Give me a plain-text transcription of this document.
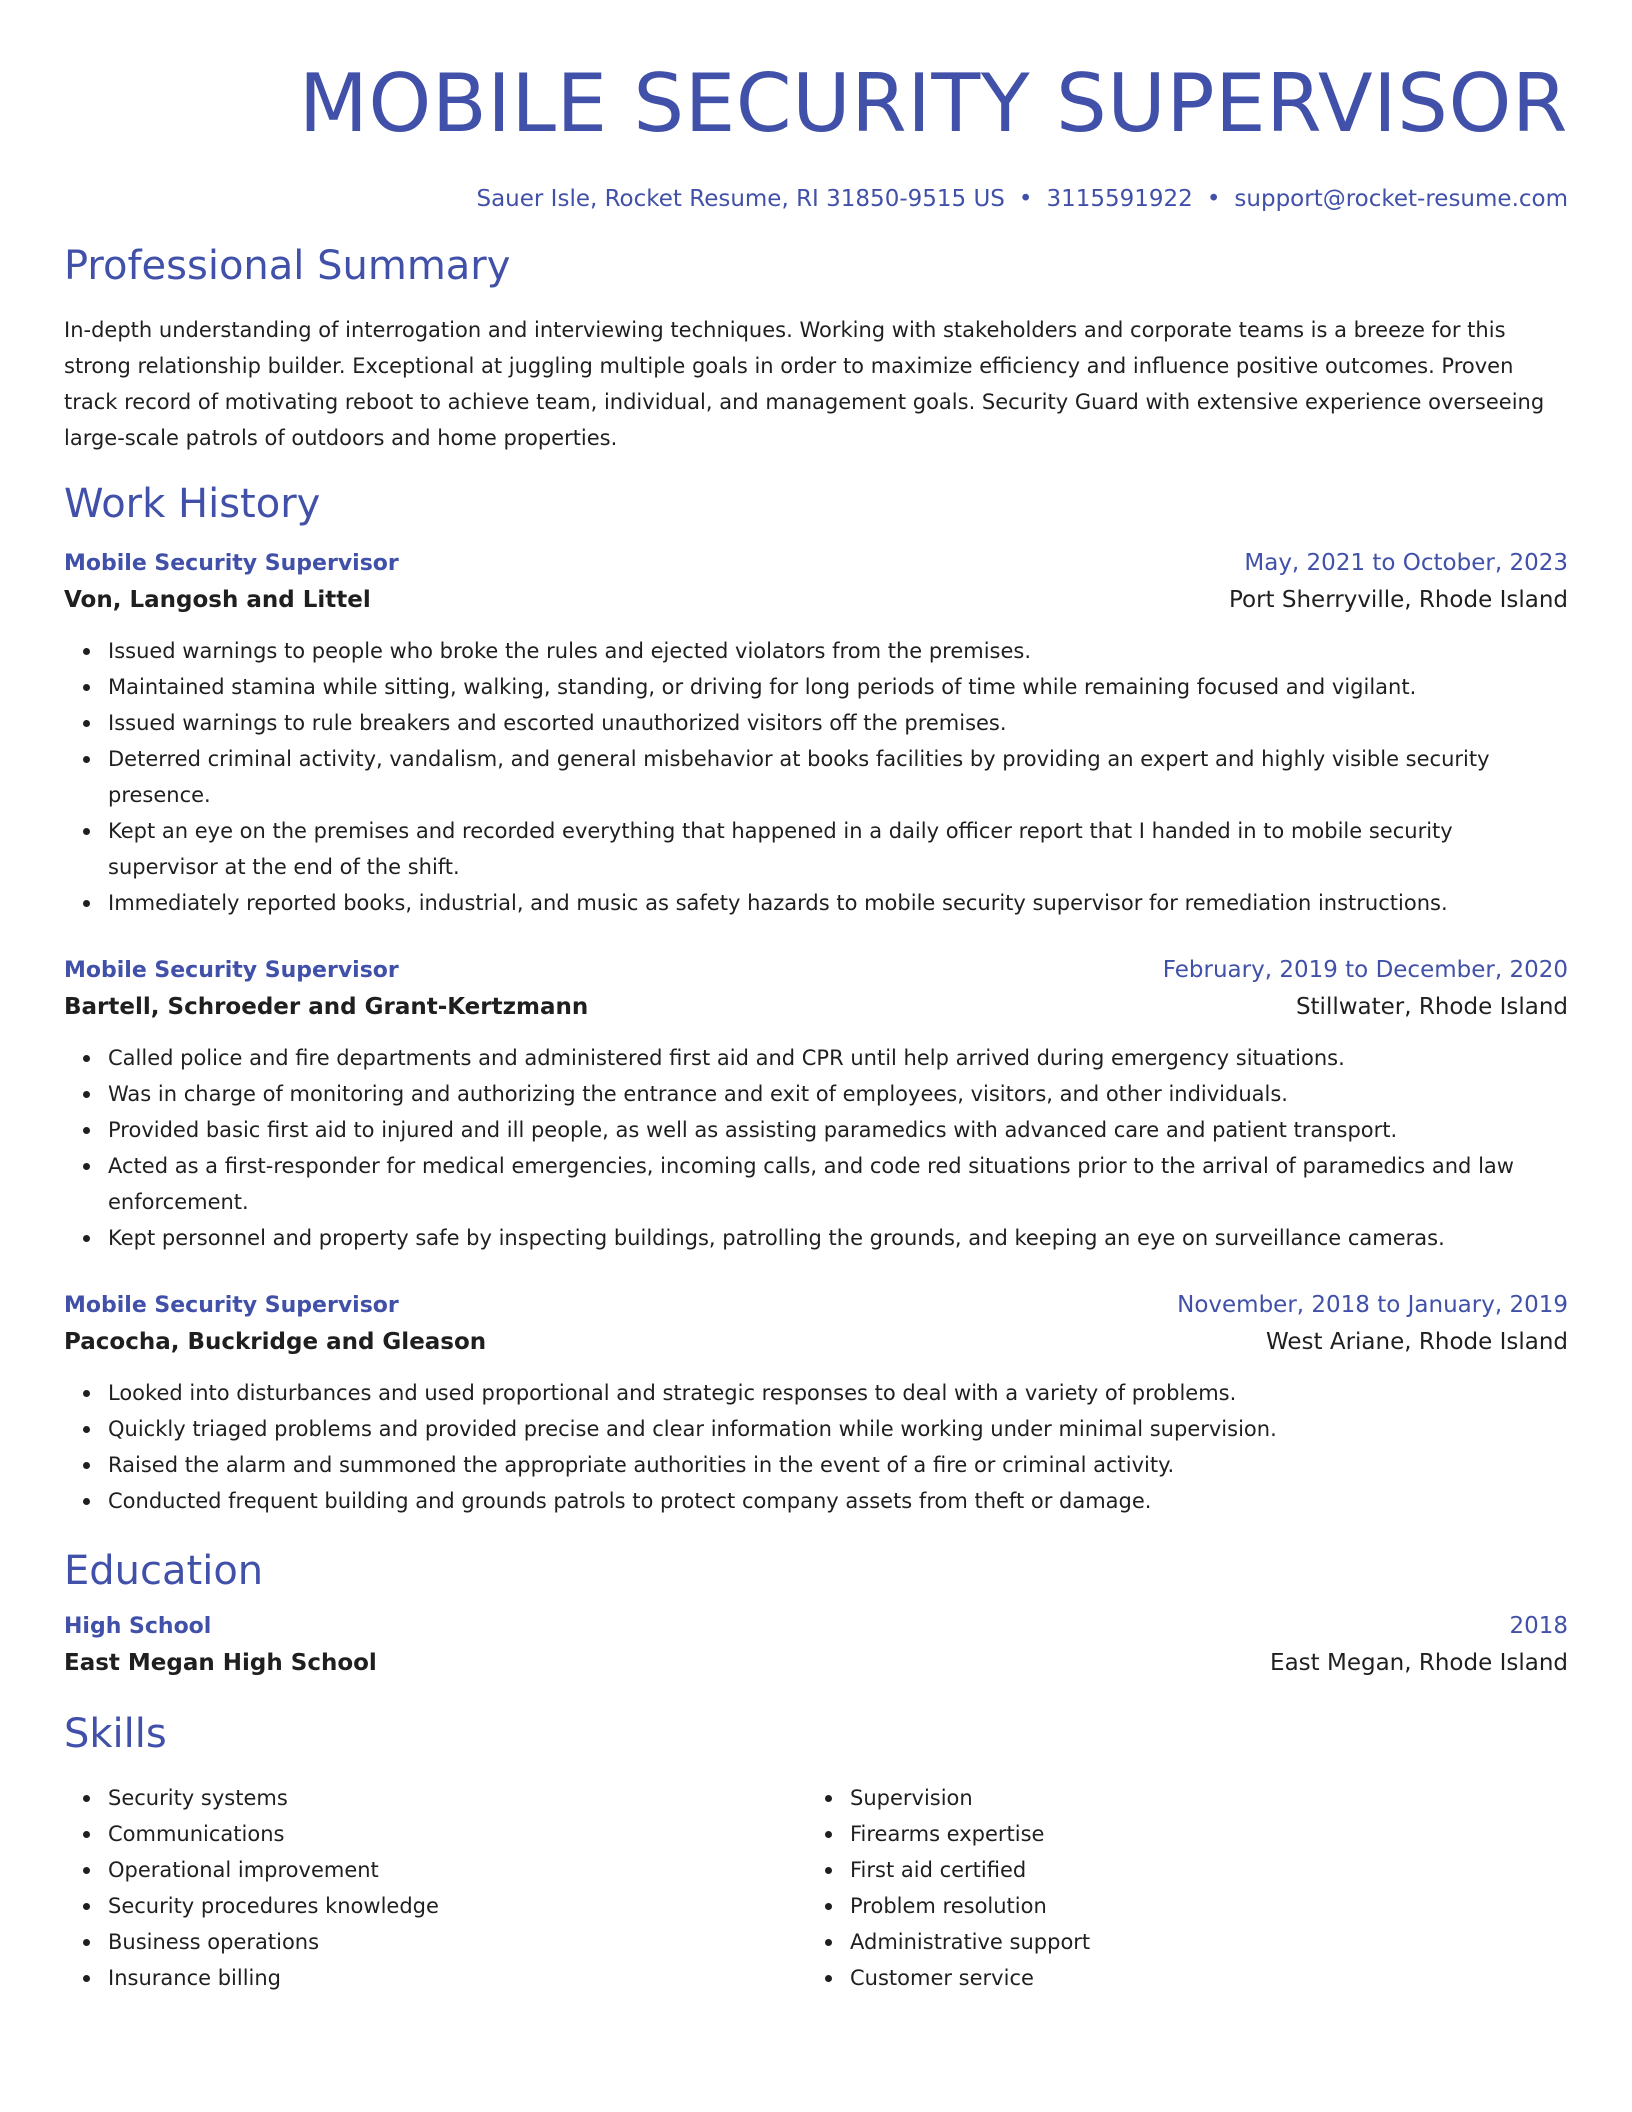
MOBILE SECURITY SUPERVISOR
Sauer Isle, Rocket Resume, RI 31850-9515 US • 3115591922 • support@rocket-resume.com
Professional Summary
In-depth understanding of interrogation and interviewing techniques. Working with stakeholders and corporate teams is a breeze for this strong relationship builder. Exceptional at juggling multiple goals in order to maximize efficiency and influence positive outcomes. Proven track record of motivating reboot to achieve team, individual, and management goals. Security Guard with extensive experience overseeing large-scale patrols of outdoors and home properties.
Work History
Mobile Security Supervisor	May, 2021 to October, 2023
Von, Langosh and Littel	Port Sherryville, Rhode Island
Issued warnings to people who broke the rules and ejected violators from the premises.
Maintained stamina while sitting, walking, standing, or driving for long periods of time while remaining focused and vigilant.
Issued warnings to rule breakers and escorted unauthorized visitors off the premises.
Deterred criminal activity, vandalism, and general misbehavior at books facilities by providing an expert and highly visible security presence.
Kept an eye on the premises and recorded everything that happened in a daily officer report that I handed in to mobile security supervisor at the end of the shift.
Immediately reported books, industrial, and music as safety hazards to mobile security supervisor for remediation instructions.
Mobile Security Supervisor	February, 2019 to December, 2020
Bartell, Schroeder and Grant-Kertzmann	Stillwater, Rhode Island
Called police and fire departments and administered first aid and CPR until help arrived during emergency situations.
Was in charge of monitoring and authorizing the entrance and exit of employees, visitors, and other individuals.
Provided basic first aid to injured and ill people, as well as assisting paramedics with advanced care and patient transport.
Acted as a first-responder for medical emergencies, incoming calls, and code red situations prior to the arrival of paramedics and law enforcement.
Kept personnel and property safe by inspecting buildings, patrolling the grounds, and keeping an eye on surveillance cameras.
Mobile Security Supervisor	November, 2018 to January, 2019
Pacocha, Buckridge and Gleason	West Ariane, Rhode Island
Looked into disturbances and used proportional and strategic responses to deal with a variety of problems.
Quickly triaged problems and provided precise and clear information while working under minimal supervision.
Raised the alarm and summoned the appropriate authorities in the event of a fire or criminal activity.
Conducted frequent building and grounds patrols to protect company assets from theft or damage.
Education
High School	2018
East Megan High School	East Megan, Rhode Island
Skills
Security systems
Communications
Operational improvement
Security procedures knowledge
Business operations
Insurance billing
Supervision
Firearms expertise
First aid certified
Problem resolution
Administrative support
Customer service
